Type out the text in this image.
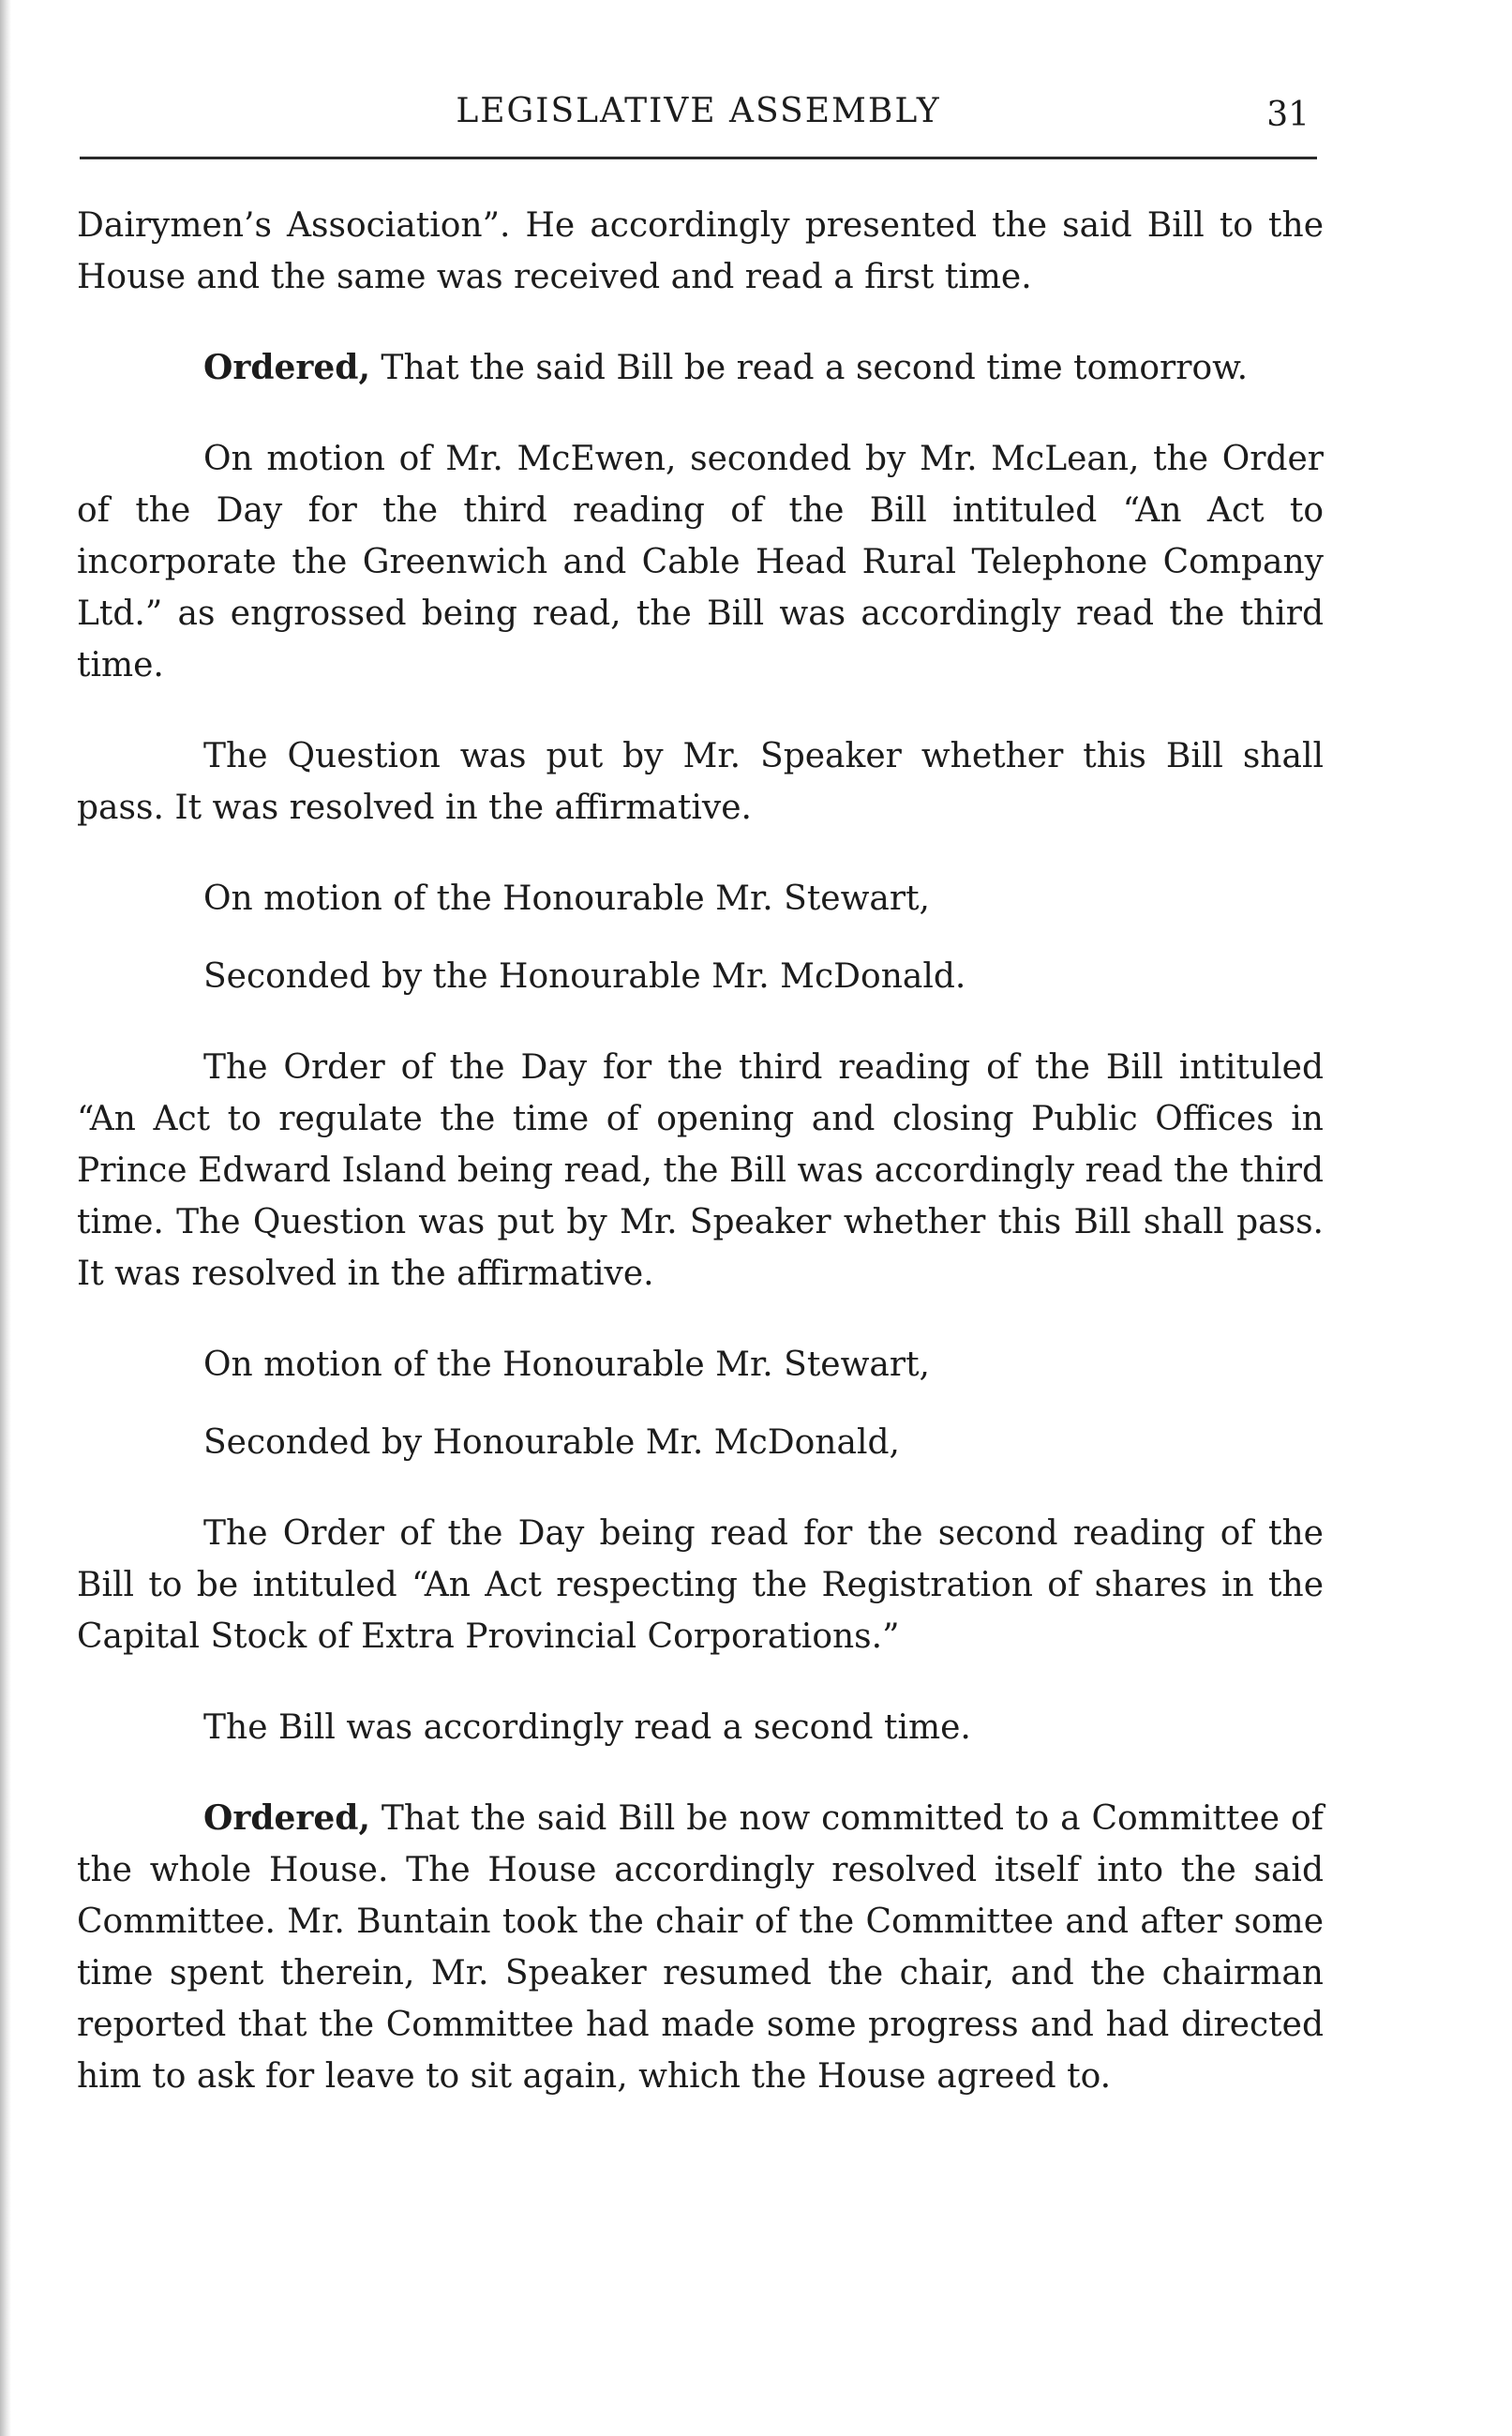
LEGISLATIVE ASSEMBLY	31

Dairymen’s Association”. He accordingly presented the said Bill to the House and the same was received and read a first time.

Ordered, That the said Bill be read a second time tomorrow.

On motion of Mr. McEwen, seconded by Mr. McLean, the Order of the Day for the third reading of the Bill intituled “An Act to incorporate the Greenwich and Cable Head Rural Telephone Company Ltd.” as engrossed being read, the Bill was accordingly read the third time.

The Question was put by Mr. Speaker whether this Bill shall pass. It was resolved in the affirmative.

On motion of the Honourable Mr. Stewart,

Seconded by the Honourable Mr. McDonald.

The Order of the Day for the third reading of the Bill intituled “An Act to regulate the time of opening and closing Public Offices in Prince Edward Island being read, the Bill was accordingly read the third time. The Question was put by Mr. Speaker whether this Bill shall pass. It was resolved in the affirmative.

On motion of the Honourable Mr. Stewart,

Seconded by Honourable Mr. McDonald,

The Order of the Day being read for the second reading of the Bill to be intituled “An Act respecting the Registration of shares in the Capital Stock of Extra Provincial Corporations.”

The Bill was accordingly read a second time.

Ordered, That the said Bill be now committed to a Committee of the whole House. The House accordingly resolved itself into the said Committee. Mr. Buntain took the chair of the Committee and after some time spent therein, Mr. Speaker resumed the chair, and the chairman reported that the Committee had made some progress and had directed him to ask for leave to sit again, which the House agreed to.
